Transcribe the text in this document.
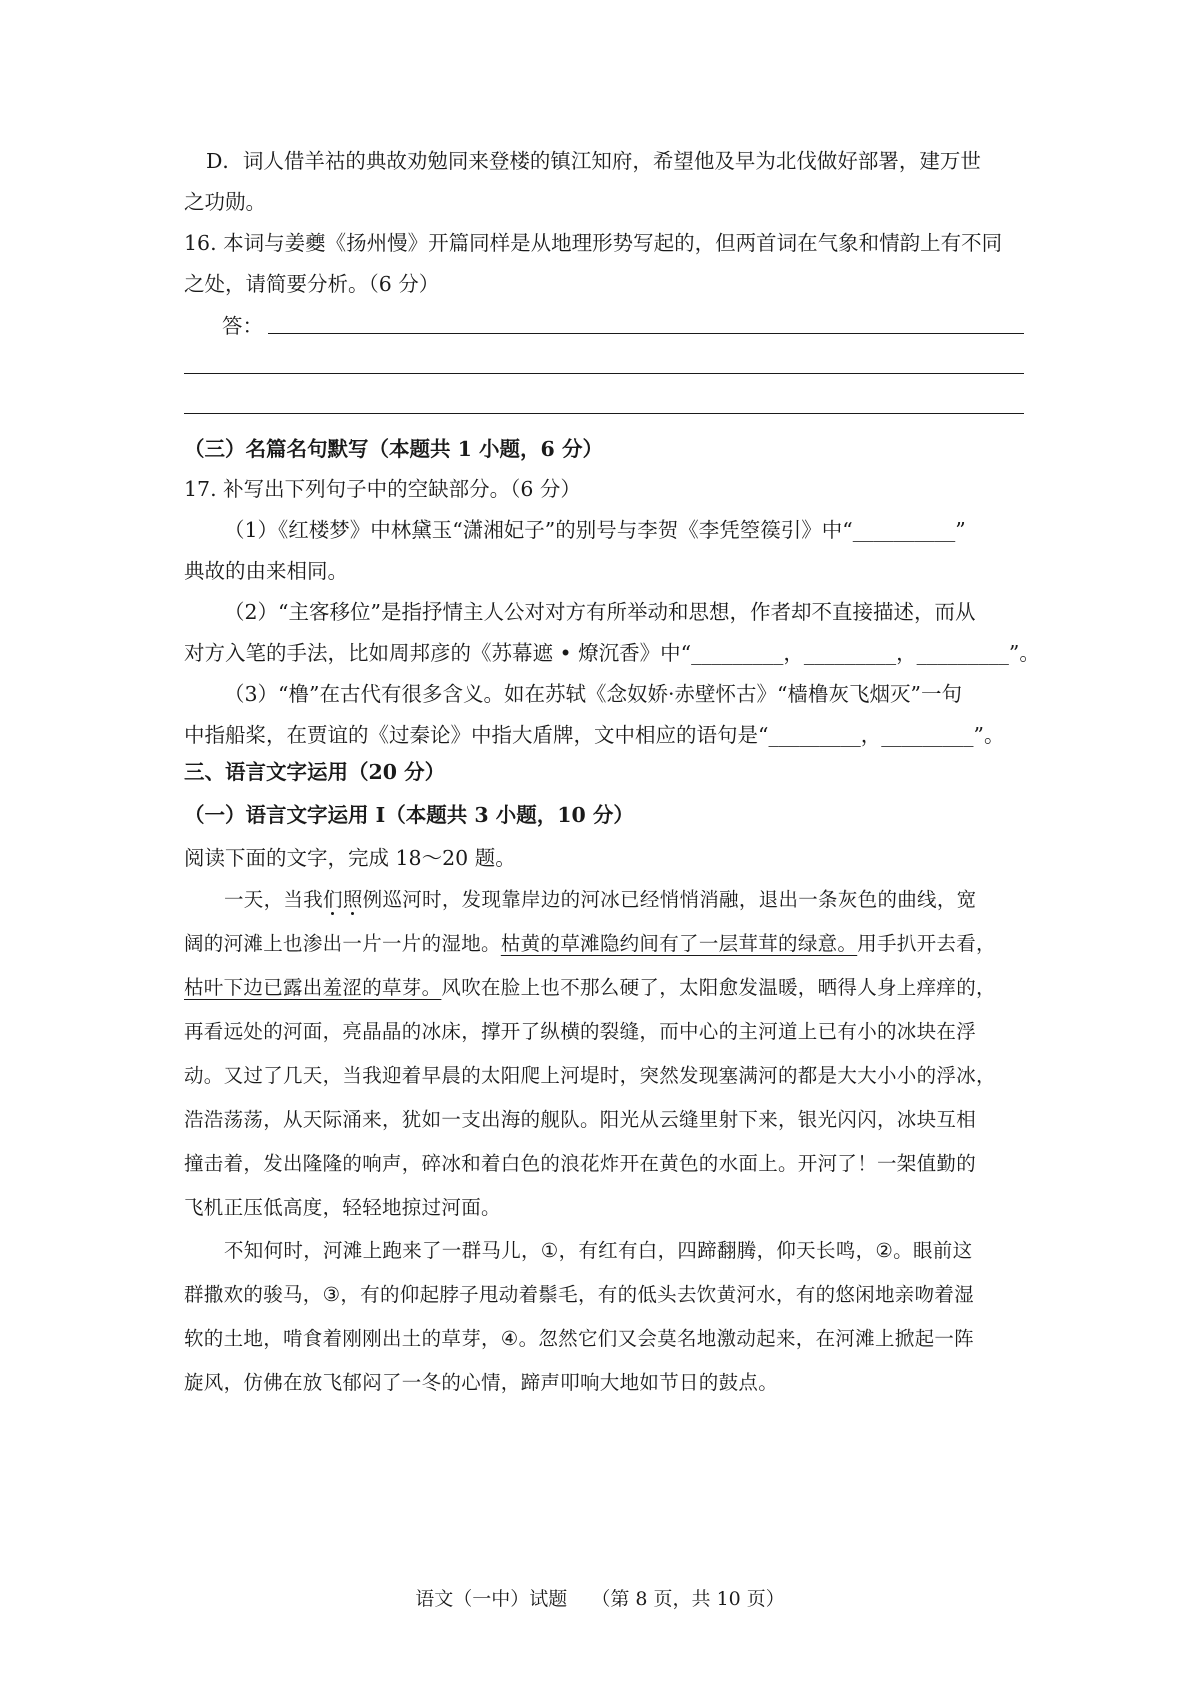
D．词人借羊祜的典故劝勉同来登楼的镇江知府，希望他及早为北伐做好部署，建万世
之功勋。
16. 本词与姜夔《扬州慢》开篇同样是从地理形势写起的，但两首词在气象和情韵上有不同
之处，请简要分析。（6 分）
答：
（三）名篇名句默写（本题共 1 小题，6 分）
17. 补写出下列句子中的空缺部分。（6 分）
（1）《红楼梦》中林黛玉“潇湘妃子”的别号与李贺《李凭箜篌引》中“__________”
典故的由来相同。
（2）“主客移位”是指抒情主人公对对方有所举动和思想，作者却不直接描述，而从
对方入笔的手法，比如周邦彦的《苏幕遮 • 燎沉香》中“_________，_________，_________”。
（3）“橹”在古代有很多含义。如在苏轼《念奴娇·赤壁怀古》“樯橹灰飞烟灭”一句
中指船桨，在贾谊的《过秦论》中指大盾牌，文中相应的语句是“_________，_________”。
三、语言文字运用（20 分）
（一）语言文字运用 Ⅰ（本题共 3 小题，10 分）
阅读下面的文字，完成 18～20 题。
一天，当我们照例巡河时，发现靠岸边的河冰已经悄悄消融，退出一条灰色的曲线，宽
阔的河滩上也渗出一片一片的湿地。枯黄的草滩隐约间有了一层茸茸的绿意。用手扒开去看，
枯叶下边已露出羞涩的草芽。风吹在脸上也不那么硬了，太阳愈发温暖，晒得人身上痒痒的，
再看远处的河面，亮晶晶的冰床，撑开了纵横的裂缝，而中心的主河道上已有小的冰块在浮
动。又过了几天，当我迎着早晨的太阳爬上河堤时，突然发现塞满河的都是大大小小的浮冰，
浩浩荡荡，从天际涌来，犹如一支出海的舰队。阳光从云缝里射下来，银光闪闪，冰块互相
撞击着，发出隆隆的响声，碎冰和着白色的浪花炸开在黄色的水面上。开河了！一架值勤的
飞机正压低高度，轻轻地掠过河面。
不知何时，河滩上跑来了一群马儿，①，有红有白，四蹄翻腾，仰天长鸣，②。眼前这
群撒欢的骏马，③，有的仰起脖子甩动着鬃毛，有的低头去饮黄河水，有的悠闲地亲吻着湿
软的土地，啃食着刚刚出土的草芽，④。忽然它们又会莫名地激动起来，在河滩上掀起一阵
旋风，仿佛在放飞郁闷了一冬的心情，蹄声叩响大地如节日的鼓点。
语文（一中）试题 （第 8 页，共 10 页）
